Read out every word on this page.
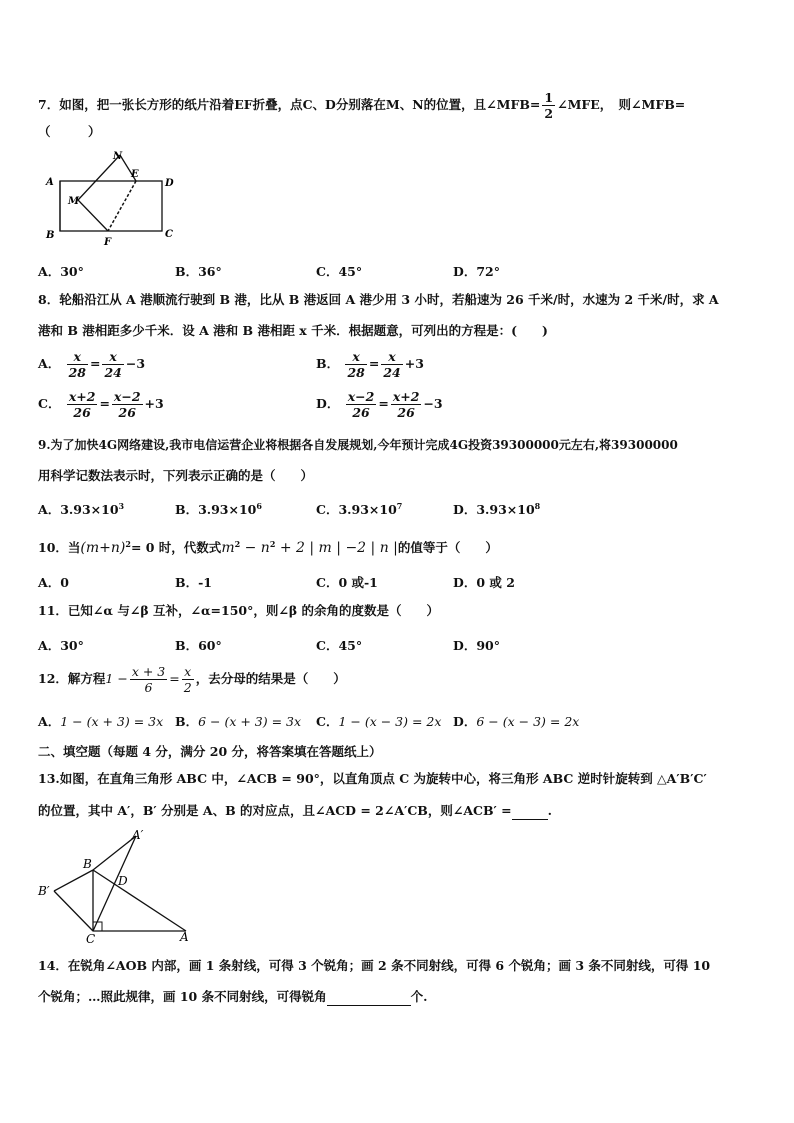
7．如图，把一张长方形的纸片沿着EF折叠，点C、D分别落在M、N的位置，且∠MFB= $\frac{1}{2}$ ∠MFE，　则∠MFB=
（　　　）
A
B	C
D
E
F
M
N
A．30°	B．36°	C．45°	D．72°
8．轮船沿江从 A 港顺流行驶到 B 港，比从 B 港返回 A 港少用 3 小时，若船速为 26 千米/时，水速为 2 千米/时，求 A
港和 B 港相距多少千米．设 A 港和 B 港相距 x 千米．根据题意，可列出的方程是：(　　)
A． $\frac{x}{28} = \frac{x}{24} -3$	B． $\frac{x}{28} = \frac{x}{24} +3$
C． $\frac{x+2}{26} = \frac{x-2}{26} +3$	D． $\frac{x-2}{26} = \frac{x+2}{26} -3$
9.为了加快4G网络建设,我市电信运营企业将根据各自发展规划,今年预计完成4G投资39300000元左右,将39300000
用科学记数法表示时，下列表示正确的是（　　）
A．$3.93\times 10^3$	B．$3.93\times 10^6$	C．$3.93\times 10^7$	D．$3.93\times 10^8$
10．当$(m+n)^2= 0$ 时，代数式$m^2 - n^2 + 2$ | m | −2 | n |的值等于（　　）
A．0	B．-1	C．0 或-1	D．0 或 2
11．已知∠α 与∠β 互补，∠α=150°，则∠β 的余角的度数是（　　）
A．30°	B．60°	C．45°	D．90°
12．解方程$1 - \frac{x + 3}{6} = \frac{x}{2}$ ，去分母的结果是（　　）
A．1 − (x + 3) = 3x B．6 − (x + 3) = 3x C．1 − (x − 3) = 2x D．6 − (x − 3) = 2x
二、填空题（每题 4 分，满分 20 分，将答案填在答题纸上）
13.如图，在直角三角形 ABC 中，∠ACB = 90°，以直角顶点 C 为旋转中心，将三角形 ABC 逆时针旋转到 △A′B′C′
的位置，其中 A′，B′ 分别是 A、B 的对应点，且∠ACD = 2∠A′CB，则∠ACB′ =	.
A′
B
D
B′
C	A
14．在锐角∠AOB 内部，画 1 条射线，可得 3 个锐角；画 2 条不同射线，可得 6 个锐角；画 3 条不同射线，可得 10
个锐角；…照此规律，画 10 条不同射线，可得锐角	个.
